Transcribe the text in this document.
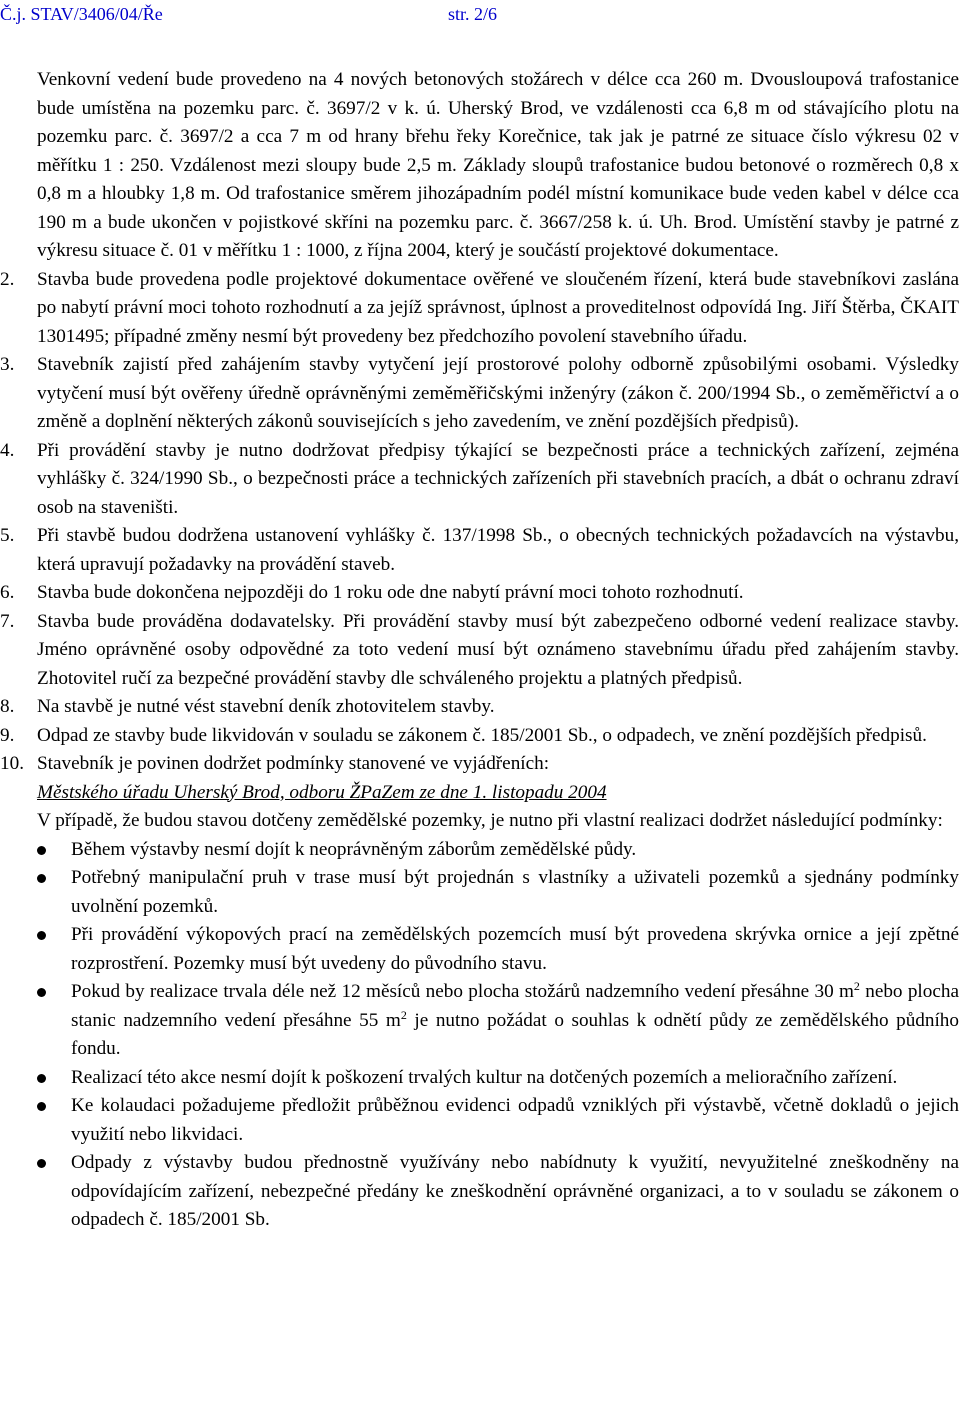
Č.j. STAV/3406/04/Ře	str. 2/6

Venkovní vedení bude provedeno na 4 nových betonových stožárech v délce cca 260 m. Dvousloupová trafostanice bude umístěna na pozemku parc. č. 3697/2 v k. ú. Uherský Brod, ve vzdálenosti cca 6,8 m od stávajícího plotu na pozemku parc. č. 3697/2 a cca 7 m od hrany břehu řeky Korečnice, tak jak je patrné ze situace číslo výkresu 02 v měřítku 1 : 250. Vzdálenost mezi sloupy bude 2,5 m. Základy sloupů trafostanice budou betonové o rozměrech 0,8 x 0,8 m a hloubky 1,8 m. Od trafostanice směrem jihozápadním podél místní komunikace bude veden kabel v délce cca 190 m a bude ukončen v pojistkové skříni na pozemku parc. č. 3667/258 k. ú. Uh. Brod. Umístění stavby je patrné z výkresu situace č. 01 v měřítku 1 : 1000, z října 2004, který je součástí projektové dokumentace.

2.	Stavba bude provedena podle projektové dokumentace ověřené ve sloučeném řízení, která bude stavebníkovi zaslána po nabytí právní moci tohoto rozhodnutí a za jejíž správnost, úplnost a proveditelnost odpovídá Ing. Jiří Štěrba, ČKAIT 1301495; případné změny nesmí být provedeny bez předchozího povolení stavebního úřadu.

3.	Stavebník zajistí před zahájením stavby vytyčení její prostorové polohy odborně způsobilými osobami. Výsledky vytyčení musí být ověřeny úředně oprávněnými zeměměřičskými inženýry (zákon č. 200/1994 Sb., o zeměměřictví a o změně a doplnění některých zákonů souvisejících s jeho zavedením, ve znění pozdějších předpisů).

4.	Při provádění stavby je nutno dodržovat předpisy týkající se bezpečnosti práce a technických zařízení, zejména vyhlášky č. 324/1990 Sb., o bezpečnosti práce a technických zařízeních při stavebních pracích, a dbát o ochranu zdraví osob na staveništi.

5.	Při stavbě budou dodržena ustanovení vyhlášky č. 137/1998 Sb., o obecných technických požadavcích na výstavbu, která upravují požadavky na provádění staveb.

6.	Stavba bude dokončena nejpozději do 1 roku ode dne nabytí právní moci tohoto rozhodnutí.

7.	Stavba bude prováděna dodavatelsky. Při provádění stavby musí být zabezpečeno odborné vedení realizace stavby. Jméno oprávněné osoby odpovědné za toto vedení musí být oznámeno stavebnímu úřadu před zahájením stavby. Zhotovitel ručí za bezpečné provádění stavby dle schváleného projektu a platných předpisů.

8.	Na stavbě je nutné vést stavební deník zhotovitelem stavby.

9.	Odpad ze stavby bude likvidován v souladu se zákonem č. 185/2001 Sb., o odpadech, ve znění pozdějších předpisů.

10. Stavebník je povinen dodržet podmínky stanovené ve vyjádřeních:

Městského úřadu Uherský Brod, odboru ŽPaZem ze dne 1. listopadu 2004

V případě, že budou stavou dotčeny zemědělské pozemky, je nutno při vlastní realizaci dodržet následující podmínky:

Během výstavby nesmí dojít k neoprávněným záborům zemědělské půdy.

Potřebný manipulační pruh v trase musí být projednán s vlastníky a uživateli pozemků a sjednány podmínky uvolnění pozemků.

Při provádění výkopových prací na zemědělských pozemcích musí být provedena skrývka ornice a její zpětné rozprostření. Pozemky musí být uvedeny do původního stavu.

Pokud by realizace trvala déle než 12 měsíců nebo plocha stožárů nadzemního vedení přesáhne 30 $m^2$ nebo plocha stanic nadzemního vedení přesáhne 55 $m^2$ je nutno požádat o souhlas k odnětí půdy ze zemědělského půdního fondu.

Realizací této akce nesmí dojít k poškození trvalých kultur na dotčených pozemích a melioračního zařízení.

Ke kolaudaci požadujeme předložit průběžnou evidenci odpadů vzniklých při výstavbě, včetně dokladů o jejich využití nebo likvidaci.

Odpady z výstavby budou přednostně využívány nebo nabídnuty k využití, nevyužitelné zneškodněny na odpovídajícím zařízení, nebezpečné předány ke zneškodnění oprávněné organizaci, a to v souladu se zákonem o odpadech č. 185/2001 Sb.
